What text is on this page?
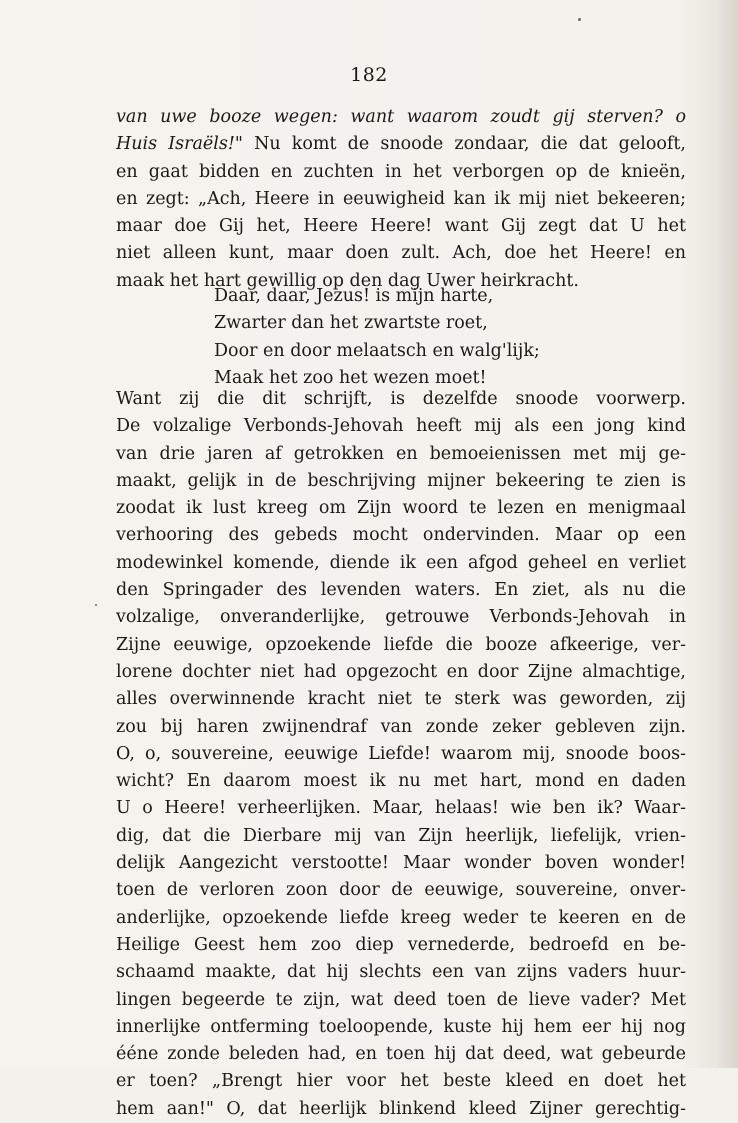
182
van uwe booze wegen: want waarom zoudt gij sterven? o
Huis Israëls!" Nu komt de snoode zondaar, die dat gelooft,
en gaat bidden en zuchten in het verborgen op de knieën,
en zegt: „Ach, Heere in eeuwigheid kan ik mij niet bekeeren;
maar doe Gij het, Heere Heere! want Gij zegt dat U het
niet alleen kunt, maar doen zult. Ach, doe het Heere! en
maak het hart gewillig op den dag Uwer heirkracht.
Daar, daar, Jezus! is mijn harte,
Zwarter dan het zwartste roet,
Door en door melaatsch en walg'lijk;
Maak het zoo het wezen moet!
Want zij die dit schrijft, is dezelfde snoode voorwerp.
De volzalige Verbonds-Jehovah heeft mij als een jong kind
van drie jaren af getrokken en bemoeienissen met mij ge-
maakt, gelijk in de beschrijving mijner bekeering te zien is
zoodat ik lust kreeg om Zijn woord te lezen en menigmaal
verhooring des gebeds mocht ondervinden. Maar op een
modewinkel komende, diende ik een afgod geheel en verliet
den Springader des levenden waters. En ziet, als nu die
volzalige, onveranderlijke, getrouwe Verbonds-Jehovah in
Zijne eeuwige, opzoekende liefde die booze afkeerige, ver-
lorene dochter niet had opgezocht en door Zijne almachtige,
alles overwinnende kracht niet te sterk was geworden, zij
zou bij haren zwijnendraf van zonde zeker gebleven zijn.
O, o, souvereine, eeuwige Liefde! waarom mij, snoode boos-
wicht? En daarom moest ik nu met hart, mond en daden
U o Heere! verheerlijken. Maar, helaas! wie ben ik? Waar-
dig, dat die Dierbare mij van Zijn heerlijk, liefelijk, vrien-
delijk Aangezicht verstootte! Maar wonder boven wonder!
toen de verloren zoon door de eeuwige, souvereine, onver-
anderlijke, opzoekende liefde kreeg weder te keeren en de
Heilige Geest hem zoo diep vernederde, bedroefd en be-
schaamd maakte, dat hij slechts een van zijns vaders huur-
lingen begeerde te zijn, wat deed toen de lieve vader? Met
innerlijke ontferming toeloopende, kuste hij hem eer hij nog
ééne zonde beleden had, en toen hij dat deed, wat gebeurde
er toen? „Brengt hier voor het beste kleed en doet het
hem aan!" O, dat heerlijk blinkend kleed Zijner gerechtig-
